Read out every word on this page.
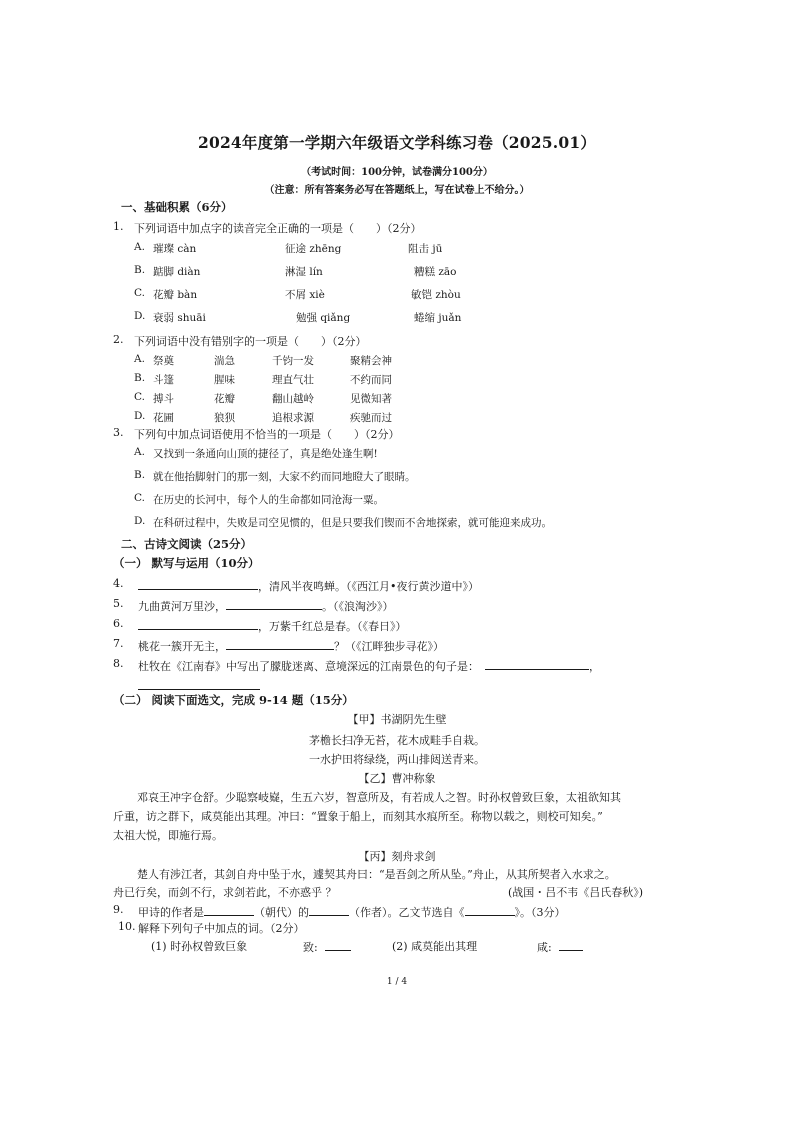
2024年度第一学期六年级语文学科练习卷（2025.01）
（考试时间：100分钟，试卷满分100分）
（注意：所有答案务必写在答题纸上，写在试卷上不给分。）
一、基础积累（6分）
1. 下列词语中加点字的读音完全正确的一项是（　　）（2分）
A. 璀璨 càn	征途 zhēng	阻击 jū
B. 踮脚 diàn	淋湿 lín	糟糕 zāo
C. 花瓣 bàn	不屑 xiè	敏铠 zhòu
D. 衰弱 shuāi	勉强 qiǎng	蜷缩 juǎn
2. 下列词语中没有错别字的一项是（　　）（2分）
A. 祭奠	湍急	千钧一发	聚精会神
B. 斗篷	腥味	理直气壮	不约而同
C. 搏斗	花瓣	翻山越岭	见微知著
D. 花圃	狼狈	追根求源	疾驰而过
3. 下列句中加点词语使用不恰当的一项是（　　）（2分）
A. 又找到一条通向山顶的捷径了，真是绝处逢生啊!
B. 就在他抬脚射门的那一刻，大家不约而同地瞪大了眼睛。
C. 在历史的长河中，每个人的生命都如同沧海一粟。
D. 在科研过程中，失败是司空见惯的，但是只要我们锲而不舍地探索，就可能迎来成功。
二、古诗文阅读（25分）
（一） 默写与运用（10分）
4.	，清风半夜鸣蝉。（《西江月•夜行黄沙道中》）
5. 九曲黄河万里沙，	。（《浪淘沙》）
6.	，万紫千红总是春。（《春日》）
7. 桃花一簇开无主，	？（《江畔独步寻花》）
8. 杜牧在《江南春》中写出了朦胧迷离、意境深远的江南景色的句子是：	，
（二） 阅读下面选文，完成 9-14 题（15分）
【甲】书湖阴先生壁
茅檐长扫净无苔，花木成畦手自栽。
一水护田将绿绕，两山排闼送青来。
【乙】曹冲称象
邓哀王冲字仓舒。少聪察岐嶷，生五六岁，智意所及，有若成人之智。时孙权曾致巨象，太祖欲知其
斤重，访之群下，咸莫能出其理。冲曰：“置象于船上，而刻其水痕所至。称物以载之，则校可知矣。”
太祖大悦，即施行焉。
【丙】刻舟求剑
楚人有涉江者，其剑自舟中坠于水，遽契其舟曰：“是吾剑之所从坠。”舟止，从其所契者入水求之。
舟已行矣，而剑不行，求剑若此，不亦惑乎 ？	(战国・吕不韦《吕氏春秋》)
9. 甲诗的作者是	（朝代）的	（作者）。乙文节选自《	》。（3分）
10. 解释下列句子中加点的词。（2分）
(1) 时孙权曾致巨象	致:	(2) 咸莫能出其理	咸:
1 / 4
